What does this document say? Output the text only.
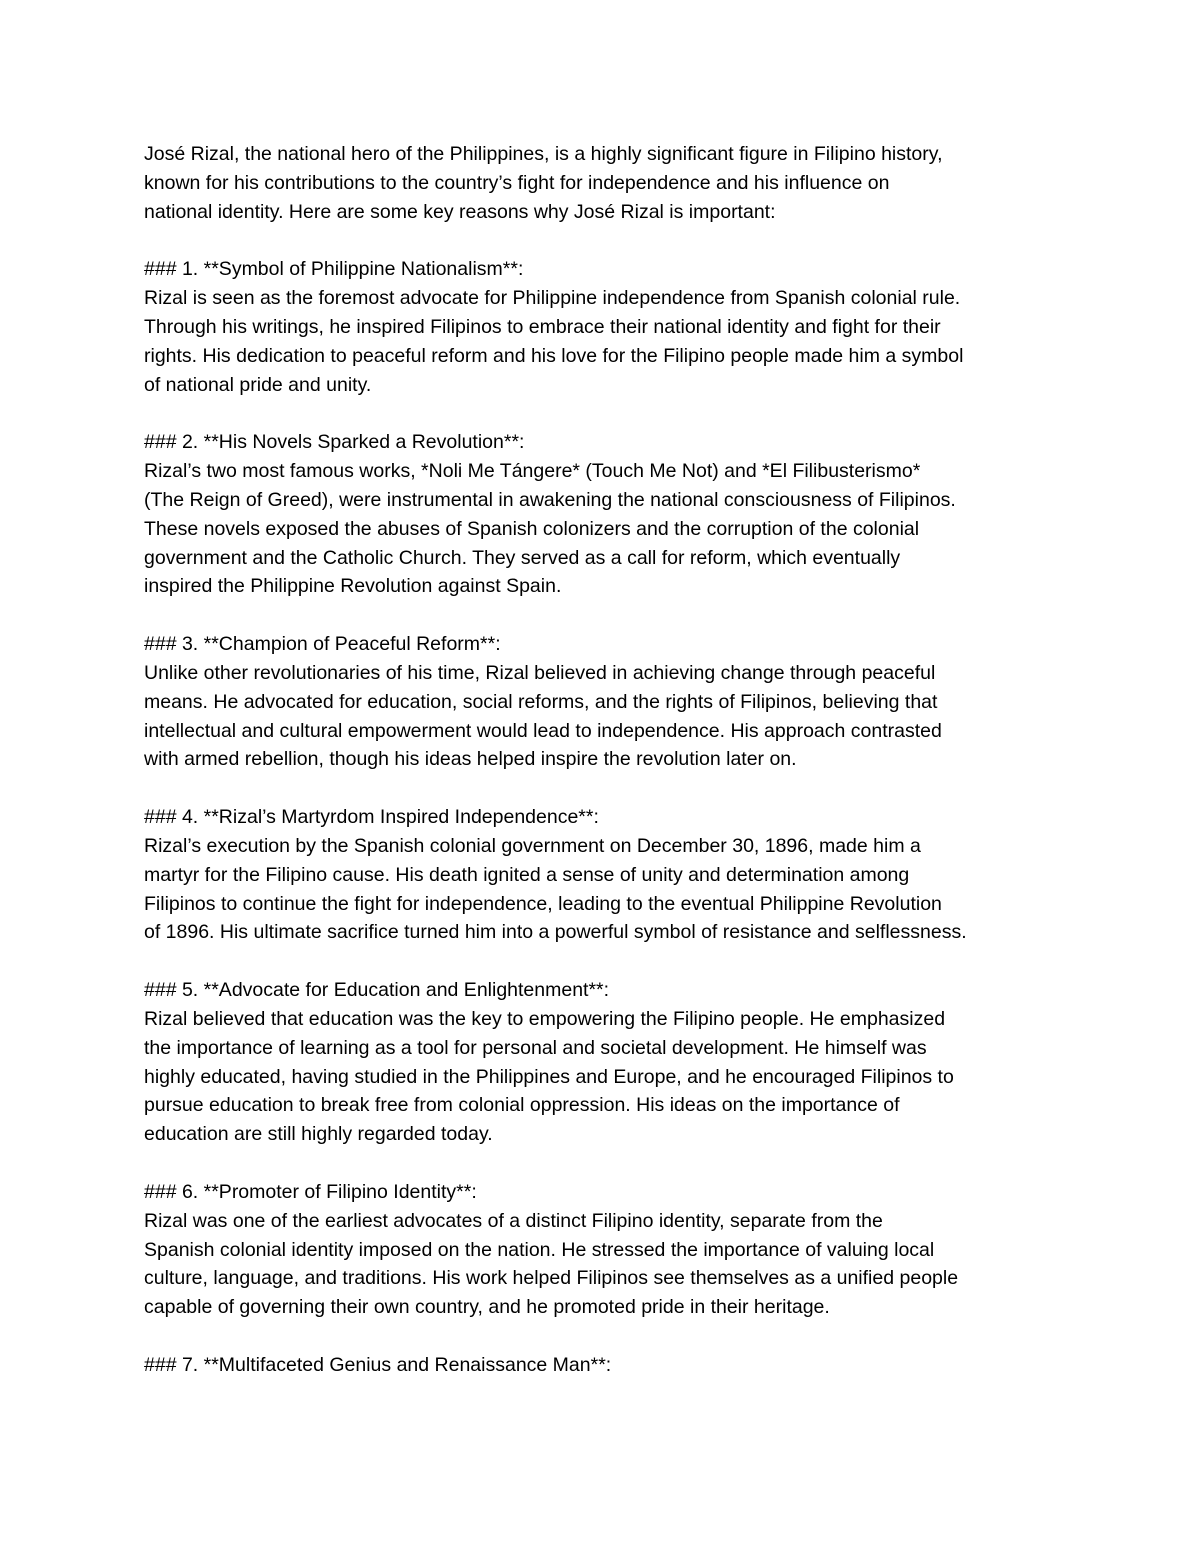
José Rizal, the national hero of the Philippines, is a highly significant figure in Filipino history,
known for his contributions to the country’s fight for independence and his influence on
national identity. Here are some key reasons why José Rizal is important:

### 1. **Symbol of Philippine Nationalism**:
Rizal is seen as the foremost advocate for Philippine independence from Spanish colonial rule.
Through his writings, he inspired Filipinos to embrace their national identity and fight for their
rights. His dedication to peaceful reform and his love for the Filipino people made him a symbol
of national pride and unity.
### 2. **His Novels Sparked a Revolution**:
Rizal’s two most famous works, *Noli Me Tángere* (Touch Me Not) and *El Filibusterismo*
(The Reign of Greed), were instrumental in awakening the national consciousness of Filipinos.
These novels exposed the abuses of Spanish colonizers and the corruption of the colonial
government and the Catholic Church. They served as a call for reform, which eventually
inspired the Philippine Revolution against Spain.
### 3. **Champion of Peaceful Reform**:
Unlike other revolutionaries of his time, Rizal believed in achieving change through peaceful
means. He advocated for education, social reforms, and the rights of Filipinos, believing that
intellectual and cultural empowerment would lead to independence. His approach contrasted
with armed rebellion, though his ideas helped inspire the revolution later on.
### 4. **Rizal’s Martyrdom Inspired Independence**:
Rizal’s execution by the Spanish colonial government on December 30, 1896, made him a
martyr for the Filipino cause. His death ignited a sense of unity and determination among
Filipinos to continue the fight for independence, leading to the eventual Philippine Revolution
of 1896. His ultimate sacrifice turned him into a powerful symbol of resistance and selflessness.
### 5. **Advocate for Education and Enlightenment**:
Rizal believed that education was the key to empowering the Filipino people. He emphasized
the importance of learning as a tool for personal and societal development. He himself was
highly educated, having studied in the Philippines and Europe, and he encouraged Filipinos to
pursue education to break free from colonial oppression. His ideas on the importance of
education are still highly regarded today.
### 6. **Promoter of Filipino Identity**:
Rizal was one of the earliest advocates of a distinct Filipino identity, separate from the
Spanish colonial identity imposed on the nation. He stressed the importance of valuing local
culture, language, and traditions. His work helped Filipinos see themselves as a unified people
capable of governing their own country, and he promoted pride in their heritage.
### 7. **Multifaceted Genius and Renaissance Man**:
